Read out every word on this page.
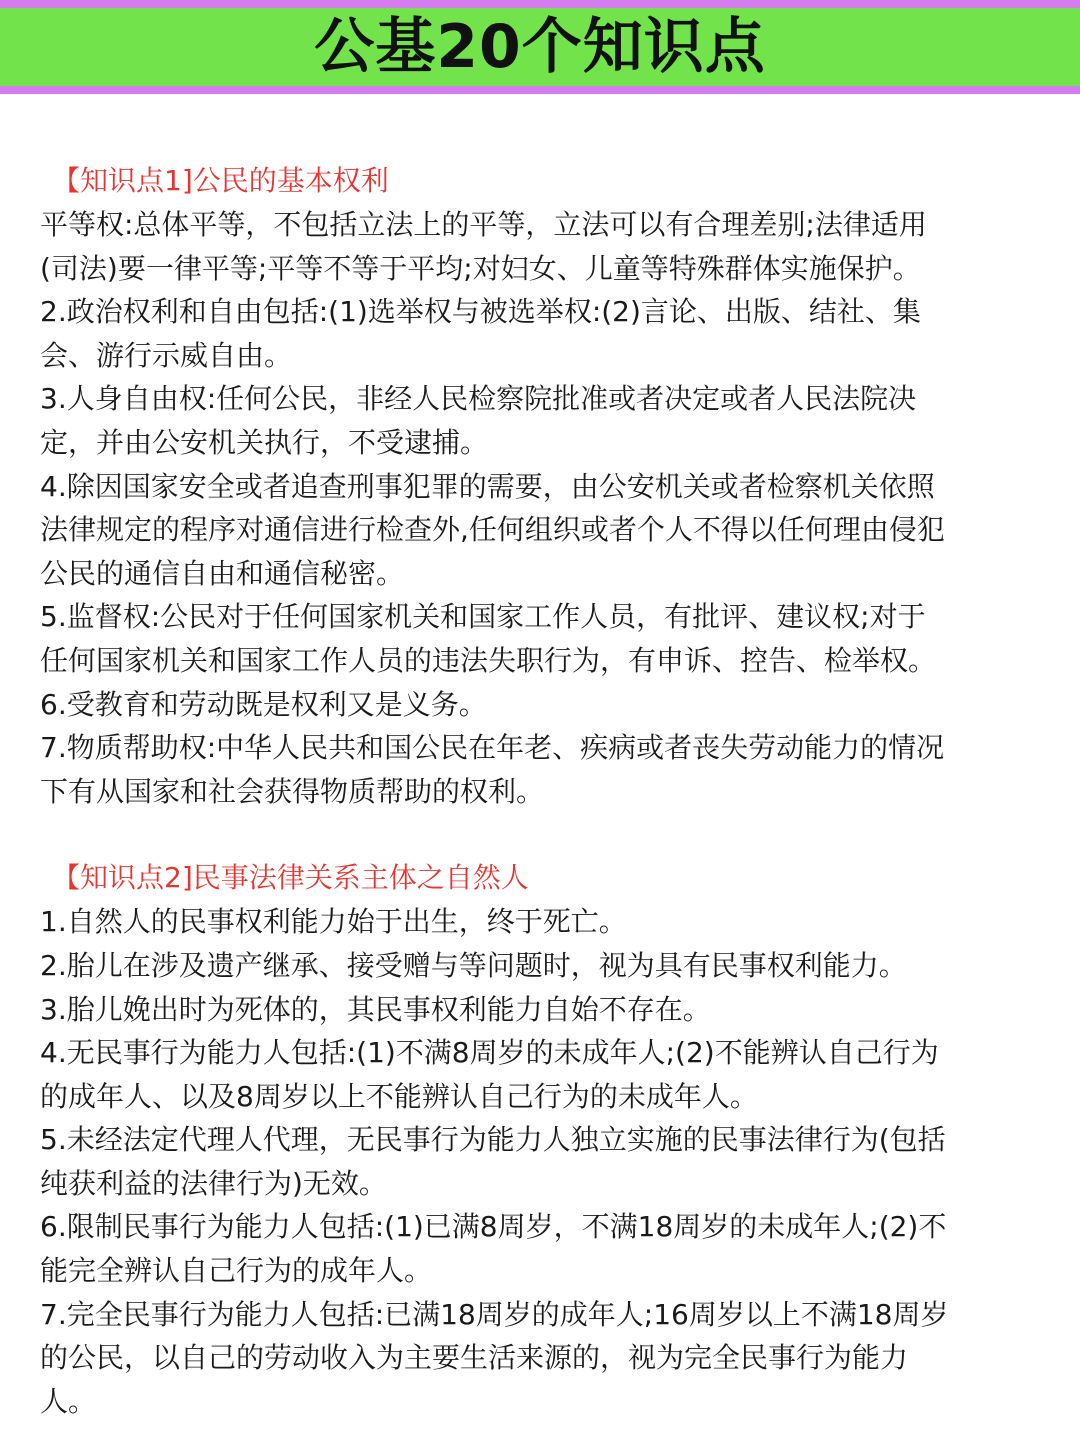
公基20个知识点
【知识点1]公民的基本权利
平等权:总体平等，不包括立法上的平等，立法可以有合理差别;法律适用
(司法)要一律平等;平等不等于平均;对妇女、儿童等特殊群体实施保护。
2.政治权利和自由包括:(1)选举权与被选举权:(2)言论、出版、结社、集
会、游行示威自由。
3.人身自由权:任何公民，非经人民检察院批准或者决定或者人民法院决
定，并由公安机关执行，不受逮捕。
4.除因国家安全或者追查刑事犯罪的需要，由公安机关或者检察机关依照
法律规定的程序对通信进行检查外,任何组织或者个人不得以任何理由侵犯
公民的通信自由和通信秘密。
5.监督权:公民对于任何国家机关和国家工作人员，有批评、建议权;对于
任何国家机关和国家工作人员的违法失职行为，有申诉、控告、检举权。
6.受教育和劳动既是权利又是义务。
7.物质帮助权:中华人民共和国公民在年老、疾病或者丧失劳动能力的情况
下有从国家和社会获得物质帮助的权利。
【知识点2]民事法律关系主体之自然人
1.自然人的民事权利能力始于出生，终于死亡。
2.胎儿在涉及遗产继承、接受赠与等问题时，视为具有民事权利能力。
3.胎儿娩出时为死体的，其民事权利能力自始不存在。
4.无民事行为能力人包括:(1)不满8周岁的未成年人;(2)不能辨认自己行为
的成年人、以及8周岁以上不能辨认自己行为的未成年人。
5.未经法定代理人代理，无民事行为能力人独立实施的民事法律行为(包括
纯获利益的法律行为)无效。
6.限制民事行为能力人包括:(1)已满8周岁，不满18周岁的未成年人;(2)不
能完全辨认自己行为的成年人。
7.完全民事行为能力人包括:已满18周岁的成年人;16周岁以上不满18周岁
的公民，以自己的劳动收入为主要生活来源的，视为完全民事行为能力
人。
